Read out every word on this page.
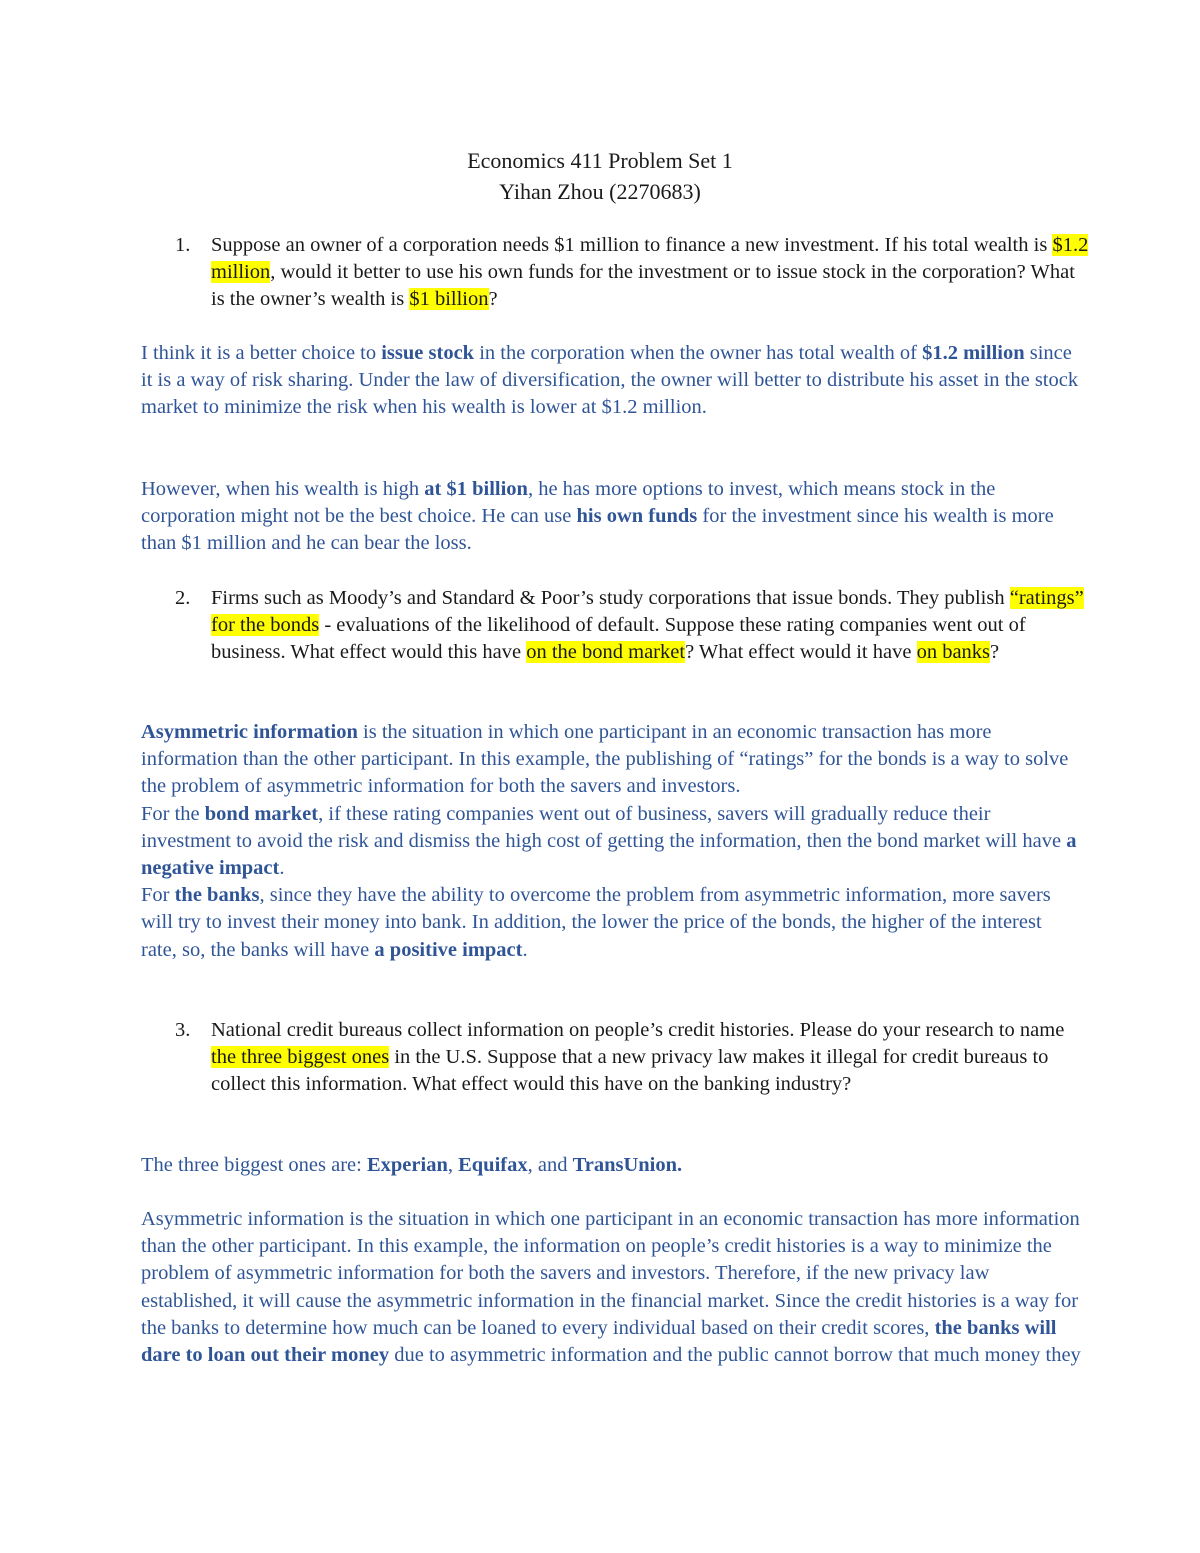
Economics 411 Problem Set 1
Yihan Zhou (2270683)
1. Suppose an owner of a corporation needs $1 million to finance a new investment. If his total wealth is $1.2 million, would it better to use his own funds for the investment or to issue stock in the corporation? What is the owner’s wealth is $1 billion?
I think it is a better choice to issue stock in the corporation when the owner has total wealth of $1.2 million since it is a way of risk sharing. Under the law of diversification, the owner will better to distribute his asset in the stock market to minimize the risk when his wealth is lower at $1.2 million.
However, when his wealth is high at $1 billion, he has more options to invest, which means stock in the corporation might not be the best choice. He can use his own funds for the investment since his wealth is more than $1 million and he can bear the loss.
2. Firms such as Moody’s and Standard & Poor’s study corporations that issue bonds. They publish “ratings” for the bonds - evaluations of the likelihood of default. Suppose these rating companies went out of business. What effect would this have on the bond market? What effect would it have on banks?
Asymmetric information is the situation in which one participant in an economic transaction has more information than the other participant. In this example, the publishing of “ratings” for the bonds is a way to solve the problem of asymmetric information for both the savers and investors.
For the bond market, if these rating companies went out of business, savers will gradually reduce their investment to avoid the risk and dismiss the high cost of getting the information, then the bond market will have a negative impact.
For the banks, since they have the ability to overcome the problem from asymmetric information, more savers will try to invest their money into bank. In addition, the lower the price of the bonds, the higher of the interest rate, so, the banks will have a positive impact.
3. National credit bureaus collect information on people’s credit histories. Please do your research to name the three biggest ones in the U.S. Suppose that a new privacy law makes it illegal for credit bureaus to collect this information. What effect would this have on the banking industry?
The three biggest ones are: Experian, Equifax, and TransUnion.
Asymmetric information is the situation in which one participant in an economic transaction has more information than the other participant. In this example, the information on people’s credit histories is a way to minimize the problem of asymmetric information for both the savers and investors. Therefore, if the new privacy law established, it will cause the asymmetric information in the financial market. Since the credit histories is a way for the banks to determine how much can be loaned to every individual based on their credit scores, the banks will dare to loan out their money due to asymmetric information and the public cannot borrow that much money they
